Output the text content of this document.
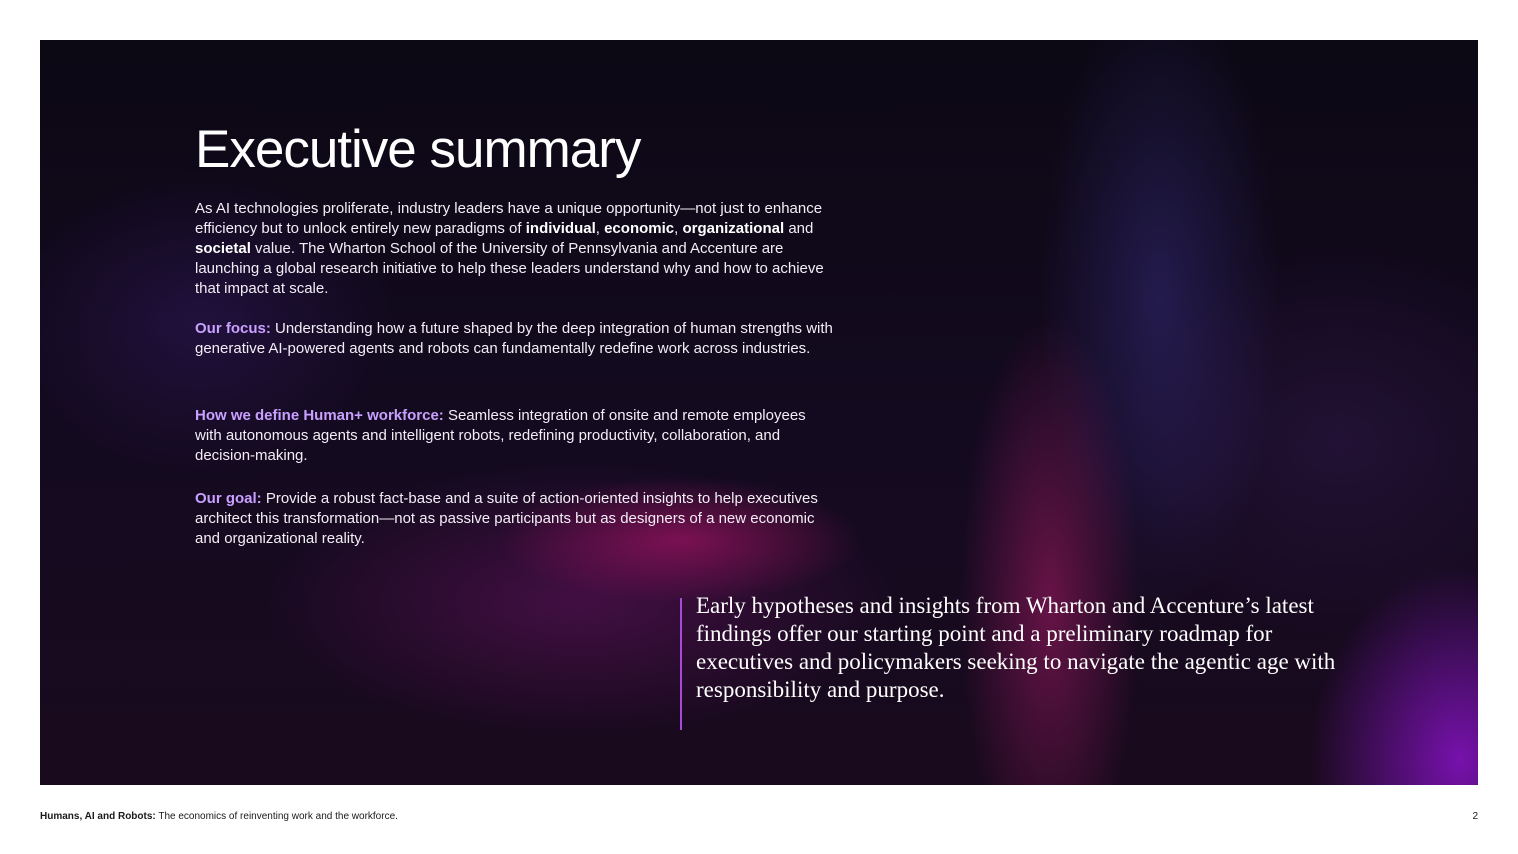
Executive summary

As AI technologies proliferate, industry leaders have a unique opportunity—not just to enhance efficiency but to unlock entirely new paradigms of individual, economic, organizational and societal value. The Wharton School of the University of Pennsylvania and Accenture are launching a global research initiative to help these leaders understand why and how to achieve that impact at scale.

Our focus: Understanding how a future shaped by the deep integration of human strengths with generative AI-powered agents and robots can fundamentally redefine work across industries.

How we define Human+ workforce: Seamless integration of onsite and remote employees with autonomous agents and intelligent robots, redefining productivity, collaboration, and decision-making.

Our goal: Provide a robust fact-base and a suite of action-oriented insights to help executives architect this transformation—not as passive participants but as designers of a new economic and organizational reality.

Early hypotheses and insights from Wharton and Accenture’s latest findings offer our starting point and a preliminary roadmap for executives and policymakers seeking to navigate the agentic age with responsibility and purpose.

Humans, AI and Robots: The economics of reinventing work and the workforce.	2
